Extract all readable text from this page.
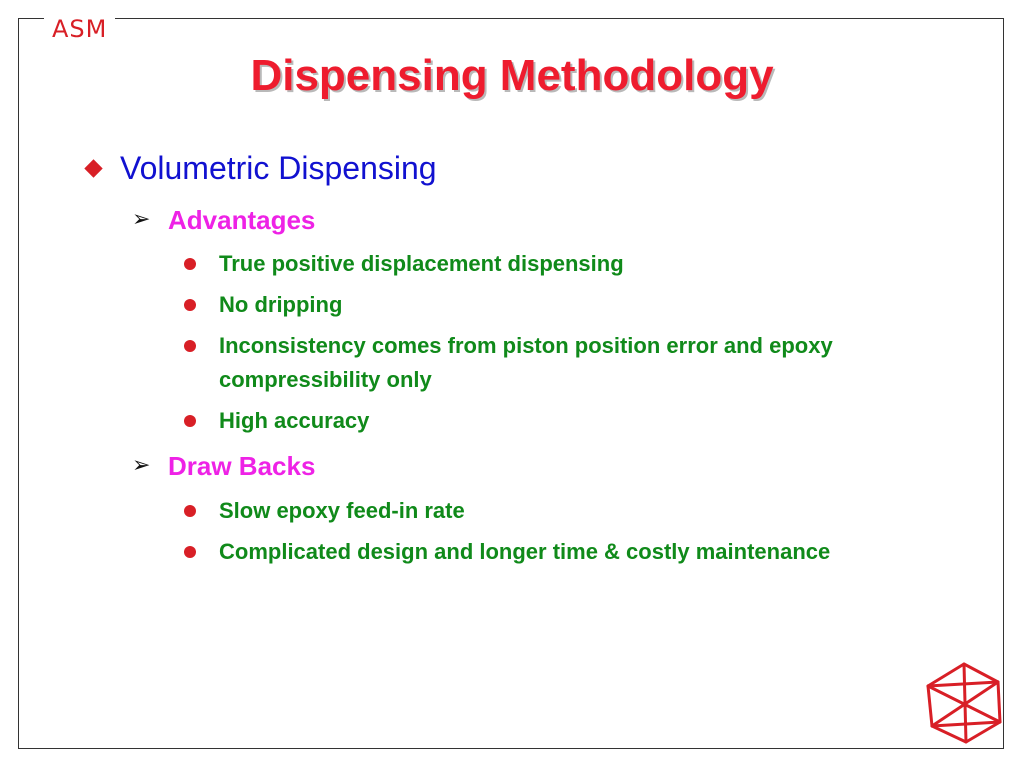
ASM
Dispensing Methodology
Volumetric Dispensing
➢ Advantages
True positive displacement dispensing
No dripping
Inconsistency comes from piston position error and epoxy compressibility only
High accuracy
➢ Draw Backs
Slow epoxy feed-in rate
Complicated design and longer time & costly maintenance
